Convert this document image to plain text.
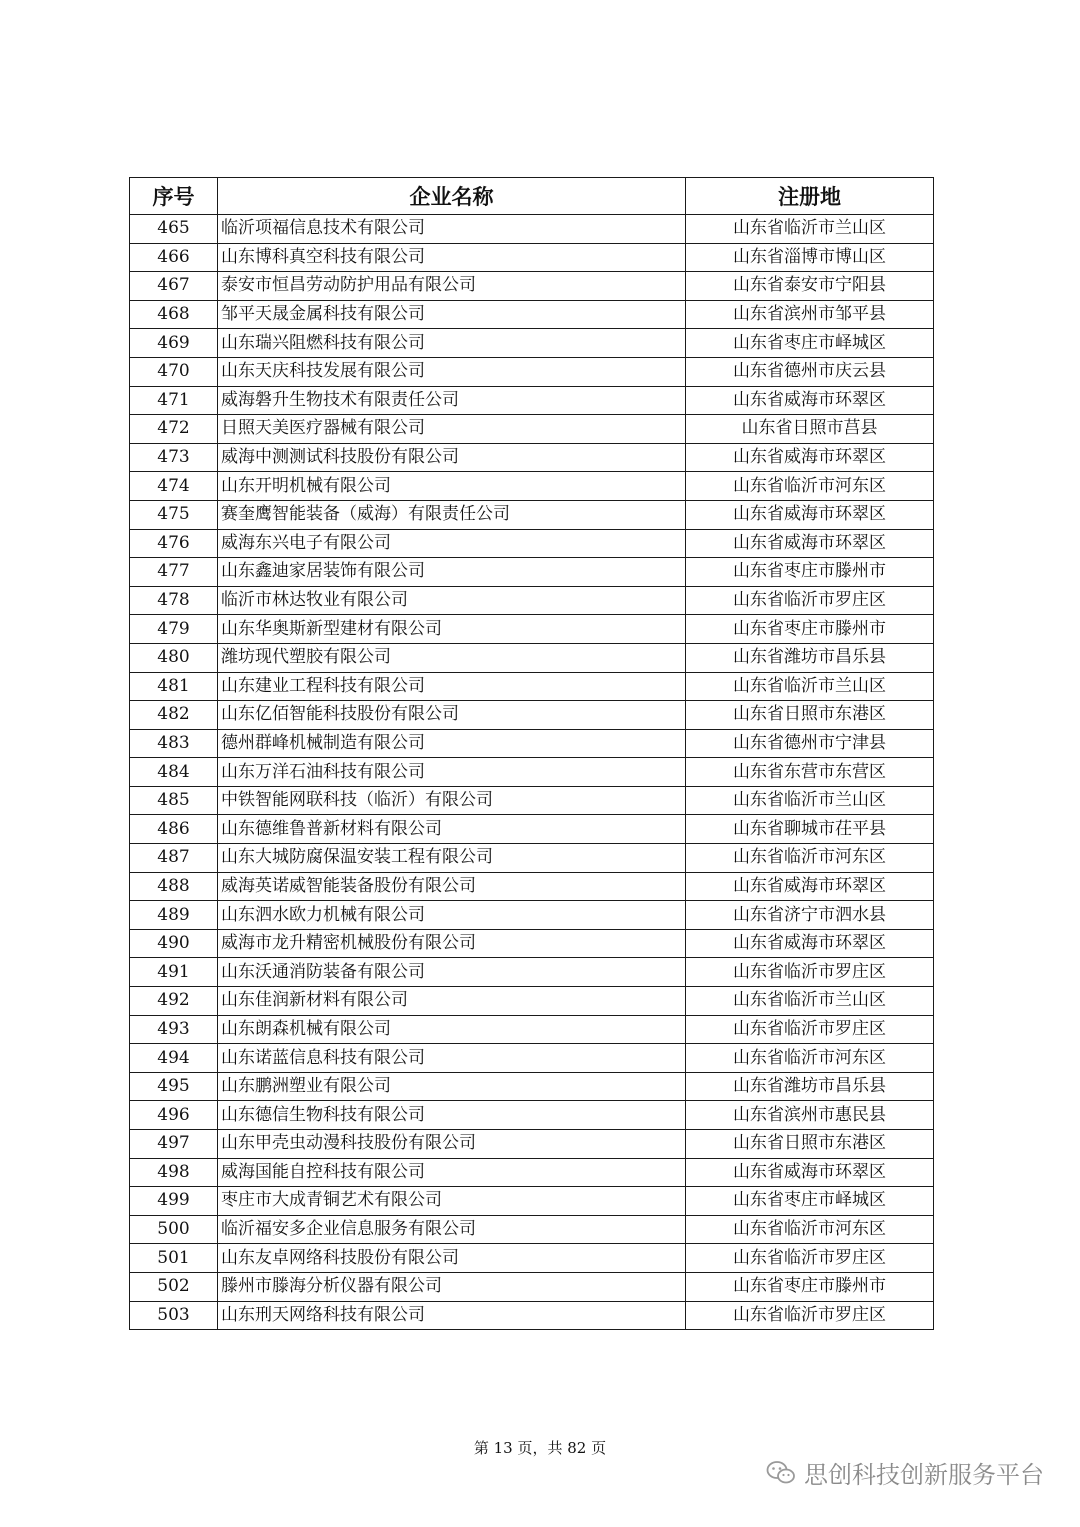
序号	企业名称	注册地
465	临沂项福信息技术有限公司	山东省临沂市兰山区
466	山东博科真空科技有限公司	山东省淄博市博山区
467	泰安市恒昌劳动防护用品有限公司	山东省泰安市宁阳县
468	邹平天晟金属科技有限公司	山东省滨州市邹平县
469	山东瑞兴阻燃科技有限公司	山东省枣庄市峄城区
470	山东天庆科技发展有限公司	山东省德州市庆云县
471	威海磐升生物技术有限责任公司	山东省威海市环翠区
472	日照天美医疗器械有限公司	山东省日照市莒县
473	威海中测测试科技股份有限公司	山东省威海市环翠区
474	山东开明机械有限公司	山东省临沂市河东区
475	赛奎鹰智能装备（威海）有限责任公司	山东省威海市环翠区
476	威海东兴电子有限公司	山东省威海市环翠区
477	山东鑫迪家居装饰有限公司	山东省枣庄市滕州市
478	临沂市林达牧业有限公司	山东省临沂市罗庄区
479	山东华奥斯新型建材有限公司	山东省枣庄市滕州市
480	潍坊现代塑胶有限公司	山东省潍坊市昌乐县
481	山东建业工程科技有限公司	山东省临沂市兰山区
482	山东亿佰智能科技股份有限公司	山东省日照市东港区
483	德州群峰机械制造有限公司	山东省德州市宁津县
484	山东万洋石油科技有限公司	山东省东营市东营区
485	中铁智能网联科技（临沂）有限公司	山东省临沂市兰山区
486	山东德维鲁普新材料有限公司	山东省聊城市茌平县
487	山东大城防腐保温安装工程有限公司	山东省临沂市河东区
488	威海英诺威智能装备股份有限公司	山东省威海市环翠区
489	山东泗水欧力机械有限公司	山东省济宁市泗水县
490	威海市龙升精密机械股份有限公司	山东省威海市环翠区
491	山东沃通消防装备有限公司	山东省临沂市罗庄区
492	山东佳润新材料有限公司	山东省临沂市兰山区
493	山东朗森机械有限公司	山东省临沂市罗庄区
494	山东诺蓝信息科技有限公司	山东省临沂市河东区
495	山东鹏洲塑业有限公司	山东省潍坊市昌乐县
496	山东德信生物科技有限公司	山东省滨州市惠民县
497	山东甲壳虫动漫科技股份有限公司	山东省日照市东港区
498	威海国能自控科技有限公司	山东省威海市环翠区
499	枣庄市大成青铜艺术有限公司	山东省枣庄市峄城区
500	临沂福安多企业信息服务有限公司	山东省临沂市河东区
501	山东友卓网络科技股份有限公司	山东省临沂市罗庄区
502	滕州市滕海分析仪器有限公司	山东省枣庄市滕州市
503	山东刑天网络科技有限公司	山东省临沂市罗庄区
第 13 页，共 82 页
思创科技创新服务平台
